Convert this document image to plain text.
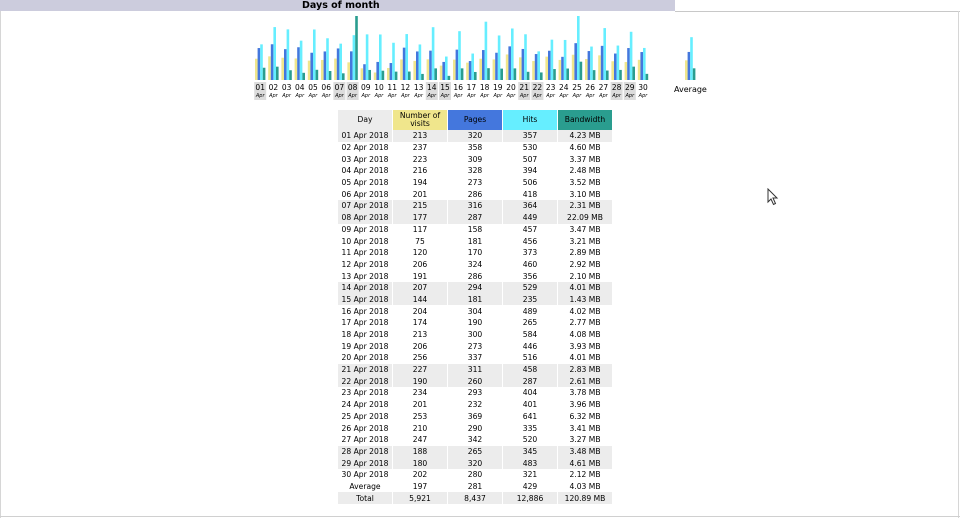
Days of month
01
Apr
02
Apr
03
Apr
04
Apr
05
Apr
06
Apr
07
Apr
08
Apr
09
Apr
10
Apr
11
Apr
12
Apr
13
Apr
14
Apr
15
Apr
16
Apr
17
Apr
18
Apr
19
Apr
20
Apr
21
Apr
22
Apr
23
Apr
24
Apr
25
Apr
26
Apr
27
Apr
28
Apr
29
Apr
30
Apr
Average
Day	Number of
visits	Pages	Hits	Bandwidth
01 Apr 2018	213	320	357	4.23 MB
02 Apr 2018	237	358	530	4.60 MB
03 Apr 2018	223	309	507	3.37 MB
04 Apr 2018	216	328	394	2.48 MB
05 Apr 2018	194	273	506	3.52 MB
06 Apr 2018	201	286	418	3.10 MB
07 Apr 2018	215	316	364	2.31 MB
08 Apr 2018	177	287	449	22.09 MB
09 Apr 2018	117	158	457	3.47 MB
10 Apr 2018	75	181	456	3.21 MB
11 Apr 2018	120	170	373	2.89 MB
12 Apr 2018	206	324	460	2.92 MB
13 Apr 2018	191	286	356	2.10 MB
14 Apr 2018	207	294	529	4.01 MB
15 Apr 2018	144	181	235	1.43 MB
16 Apr 2018	204	304	489	4.02 MB
17 Apr 2018	174	190	265	2.77 MB
18 Apr 2018	213	300	584	4.08 MB
19 Apr 2018	206	273	446	3.93 MB
20 Apr 2018	256	337	516	4.01 MB
21 Apr 2018	227	311	458	2.83 MB
22 Apr 2018	190	260	287	2.61 MB
23 Apr 2018	234	293	404	3.78 MB
24 Apr 2018	201	232	401	3.96 MB
25 Apr 2018	253	369	641	6.32 MB
26 Apr 2018	210	290	335	3.41 MB
27 Apr 2018	247	342	520	3.27 MB
28 Apr 2018	188	265	345	3.48 MB
29 Apr 2018	180	320	483	4.61 MB
30 Apr 2018	202	280	321	2.12 MB
Average	197	281	429	4.03 MB
Total	5,921	8,437	12,886	120.89 MB
